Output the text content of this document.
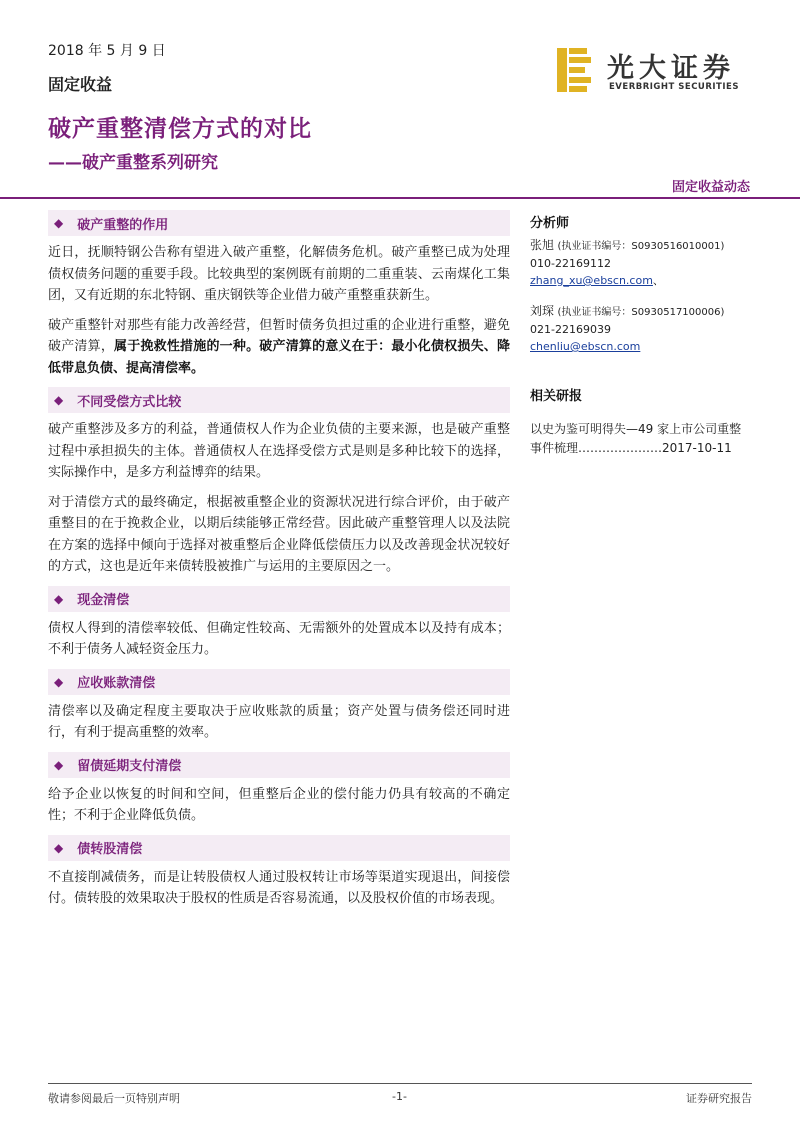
2018 年 5 月 9 日
固定收益
破产重整清偿方式的对比
——破产重整系列研究
光大证券
EVERBRIGHT SECURITIES
固定收益动态
◆ 破产重整的作用
近日，抚顺特钢公告称有望进入破产重整，化解债务危机。破产重整已成为处理债权债务问题的重要手段。比较典型的案例既有前期的二重重装、云南煤化工集团，又有近期的东北特钢、重庆钢铁等企业借力破产重整重获新生。
破产重整针对那些有能力改善经营，但暂时债务负担过重的企业进行重整，避免破产清算，属于挽救性措施的一种。破产清算的意义在于：最小化债权损失、降低带息负债、提高清偿率。
◆ 不同受偿方式比较
破产重整涉及多方的利益，普通债权人作为企业负债的主要来源，也是破产重整过程中承担损失的主体。普通债权人在选择受偿方式是则是多种比较下的选择，实际操作中，是多方利益博弈的结果。
对于清偿方式的最终确定，根据被重整企业的资源状况进行综合评价，由于破产重整目的在于挽救企业，以期后续能够正常经营。因此破产重整管理人以及法院在方案的选择中倾向于选择对被重整后企业降低偿债压力以及改善现金状况较好的方式，这也是近年来债转股被推广与运用的主要原因之一。
◆ 现金清偿
债权人得到的清偿率较低、但确定性较高、无需额外的处置成本以及持有成本；不利于债务人减轻资金压力。
◆ 应收账款清偿
清偿率以及确定程度主要取决于应收账款的质量；资产处置与债务偿还同时进行，有利于提高重整的效率。
◆ 留债延期支付清偿
给予企业以恢复的时间和空间，但重整后企业的偿付能力仍具有较高的不确定性；不利于企业降低负债。
◆ 债转股清偿
不直接削减债务，而是让转股债权人通过股权转让市场等渠道实现退出，间接偿付。债转股的效果取决于股权的性质是否容易流通，以及股权价值的市场表现。
分析师
张旭 (执业证书编号：S0930516010001)
010-22169112
zhang_xu@ebscn.com、
刘琛 (执业证书编号：S0930517100006)
021-22169039
chenliu@ebscn.com
相关研报
以史为鉴可明得失—49 家上市公司重整
事件梳理…………………2017-10-11
敬请参阅最后一页特别声明	-1-	证券研究报告
